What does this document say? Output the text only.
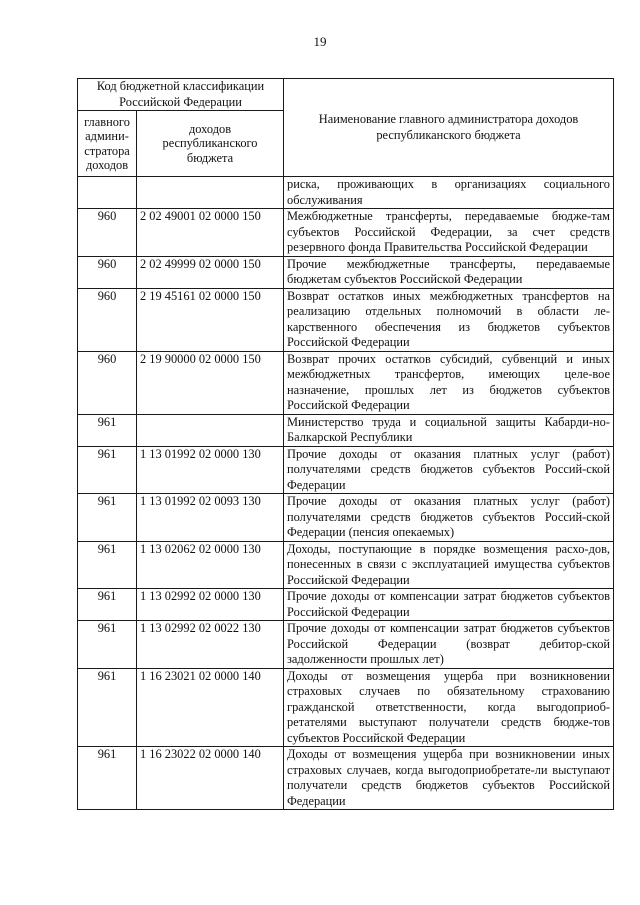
19
Код бюджетной классификации Российской Федерации		Наименование главного администратора доходов республиканского бюджета
главного админи-стратора доходов	доходов республиканского бюджета	
		риска, проживающих в организациях социального обслуживания
960	2 02 49001 02 0000 150	Межбюджетные трансферты, передаваемые бюдже-там субъектов Российской Федерации, за счет средств резервного фонда Правительства Российской Федерации
960	2 02 49999 02 0000 150	Прочие межбюджетные трансферты, передаваемые бюджетам субъектов Российской Федерации
960	2 19 45161 02 0000 150	Возврат остатков иных межбюджетных трансфертов на реализацию отдельных полномочий в области ле-карственного обеспечения из бюджетов субъектов Российской Федерации
960	2 19 90000 02 0000 150	Возврат прочих остатков субсидий, субвенций и иных межбюджетных трансфертов, имеющих целе-вое назначение, прошлых лет из бюджетов субъектов Российской Федерации
961		Министерство труда и социальной защиты Кабарди-но-Балкарской Республики
961	1 13 01992 02 0000 130	Прочие доходы от оказания платных услуг (работ) получателями средств бюджетов субъектов Россий-ской Федерации
961	1 13 01992 02 0093 130	Прочие доходы от оказания платных услуг (работ) получателями средств бюджетов субъектов Россий-ской Федерации (пенсия опекаемых)
961	1 13 02062 02 0000 130	Доходы, поступающие в порядке возмещения расхо-дов, понесенных в связи с эксплуатацией имущества субъектов Российской Федерации
961	1 13 02992 02 0000 130	Прочие доходы от компенсации затрат бюджетов субъектов Российской Федерации
961	1 13 02992 02 0022 130	Прочие доходы от компенсации затрат бюджетов субъектов Российской Федерации (возврат дебитор-ской задолженности прошлых лет)
961	1 16 23021 02 0000 140	Доходы от возмещения ущерба при возникновении страховых случаев по обязательному страхованию гражданской ответственности, когда выгодоприоб-ретателями выступают получатели средств бюдже-тов субъектов Российской Федерации
961	1 16 23022 02 0000 140	Доходы от возмещения ущерба при возникновении иных страховых случаев, когда выгодоприобретате-ли выступают получатели средств бюджетов субъектов Российской Федерации
